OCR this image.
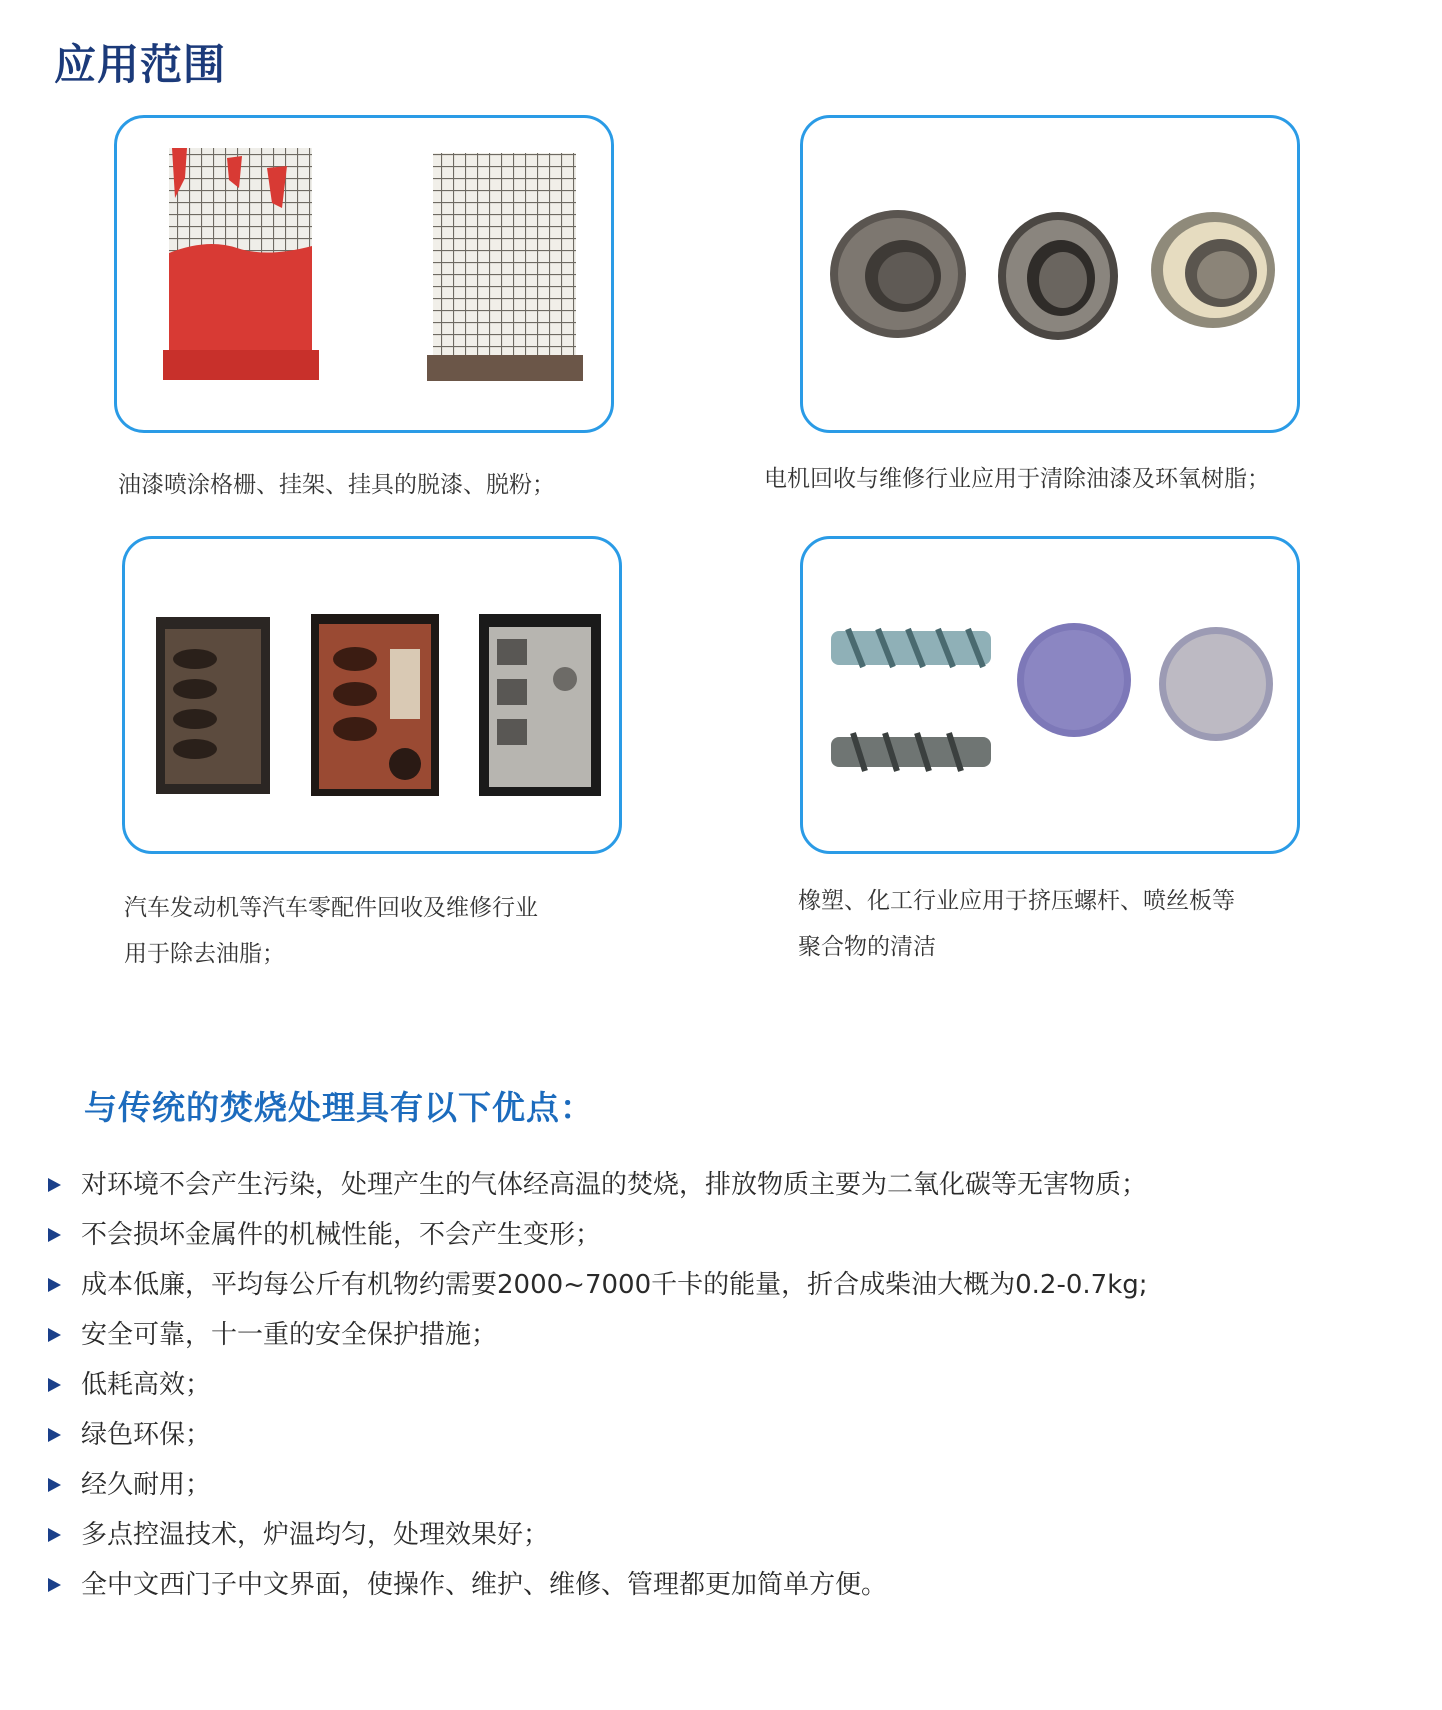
应用范围
油漆喷涂格栅、挂架、挂具的脱漆、脱粉；	电机回收与维修行业应用于清除油漆及环氧树脂；
汽车发动机等汽车零配件回收及维修行业
用于除去油脂；
橡塑、化工行业应用于挤压螺杆、喷丝板等
聚合物的清洁
与传统的焚烧处理具有以下优点：
对环境不会产生污染，处理产生的气体经高温的焚烧，排放物质主要为二氧化碳等无害物质；
不会损坏金属件的机械性能，不会产生变形；
成本低廉，平均每公斤有机物约需要2000~7000千卡的能量，折合成柴油大概为0.2-0.7kg;
安全可靠，十一重的安全保护措施；
低耗高效；
绿色环保；
经久耐用；
多点控温技术，炉温均匀，处理效果好；
全中文西门子中文界面，使操作、维护、维修、管理都更加简单方便。
